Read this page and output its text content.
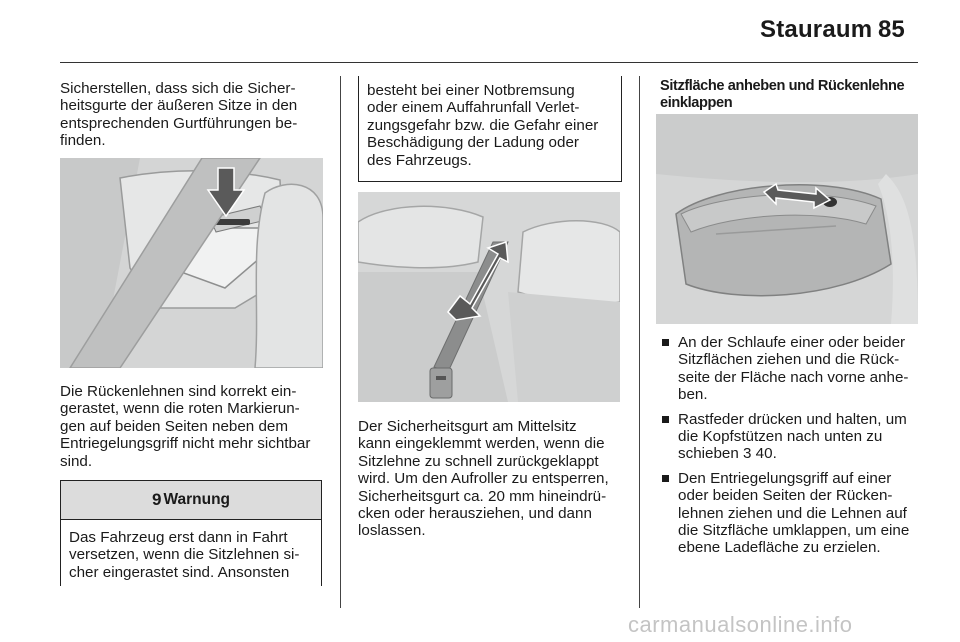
Stauraum 85
Sicherstellen, dass sich die Sicher-
heitsgurte der äußeren Sitze in den
entsprechenden Gurtführungen be-
finden.
Die Rückenlehnen sind korrekt ein-
gerastet, wenn die roten Markierun-
gen auf beiden Seiten neben dem
Entriegelungsgriff nicht mehr sichtbar
sind.
9 Warnung
Das Fahrzeug erst dann in Fahrt
versetzen, wenn die Sitzlehnen si-
cher eingerastet sind. Ansonsten
besteht bei einer Notbremsung
oder einem Auffahrunfall Verlet-
zungsgefahr bzw. die Gefahr einer
Beschädigung der Ladung oder
des Fahrzeugs.
Der Sicherheitsgurt am Mittelsitz
kann eingeklemmt werden, wenn die
Sitzlehne zu schnell zurückgeklappt
wird. Um den Aufroller zu entsperren,
Sicherheitsgurt ca. 20 mm hineindrü-
cken oder herausziehen, und dann
loslassen.
Sitzfläche anheben und Rückenlehne
einklappen
An der Schlaufe einer oder beider
Sitzflächen ziehen und die Rück-
seite der Fläche nach vorne anhe-
ben.
Rastfeder drücken und halten, um
die Kopfstützen nach unten zu
schieben 3 40.
Den Entriegelungsgriff auf einer
oder beiden Seiten der Rücken-
lehnen ziehen und die Lehnen auf
die Sitzfläche umklappen, um eine
ebene Ladefläche zu erzielen.
carmanualsonline.info
